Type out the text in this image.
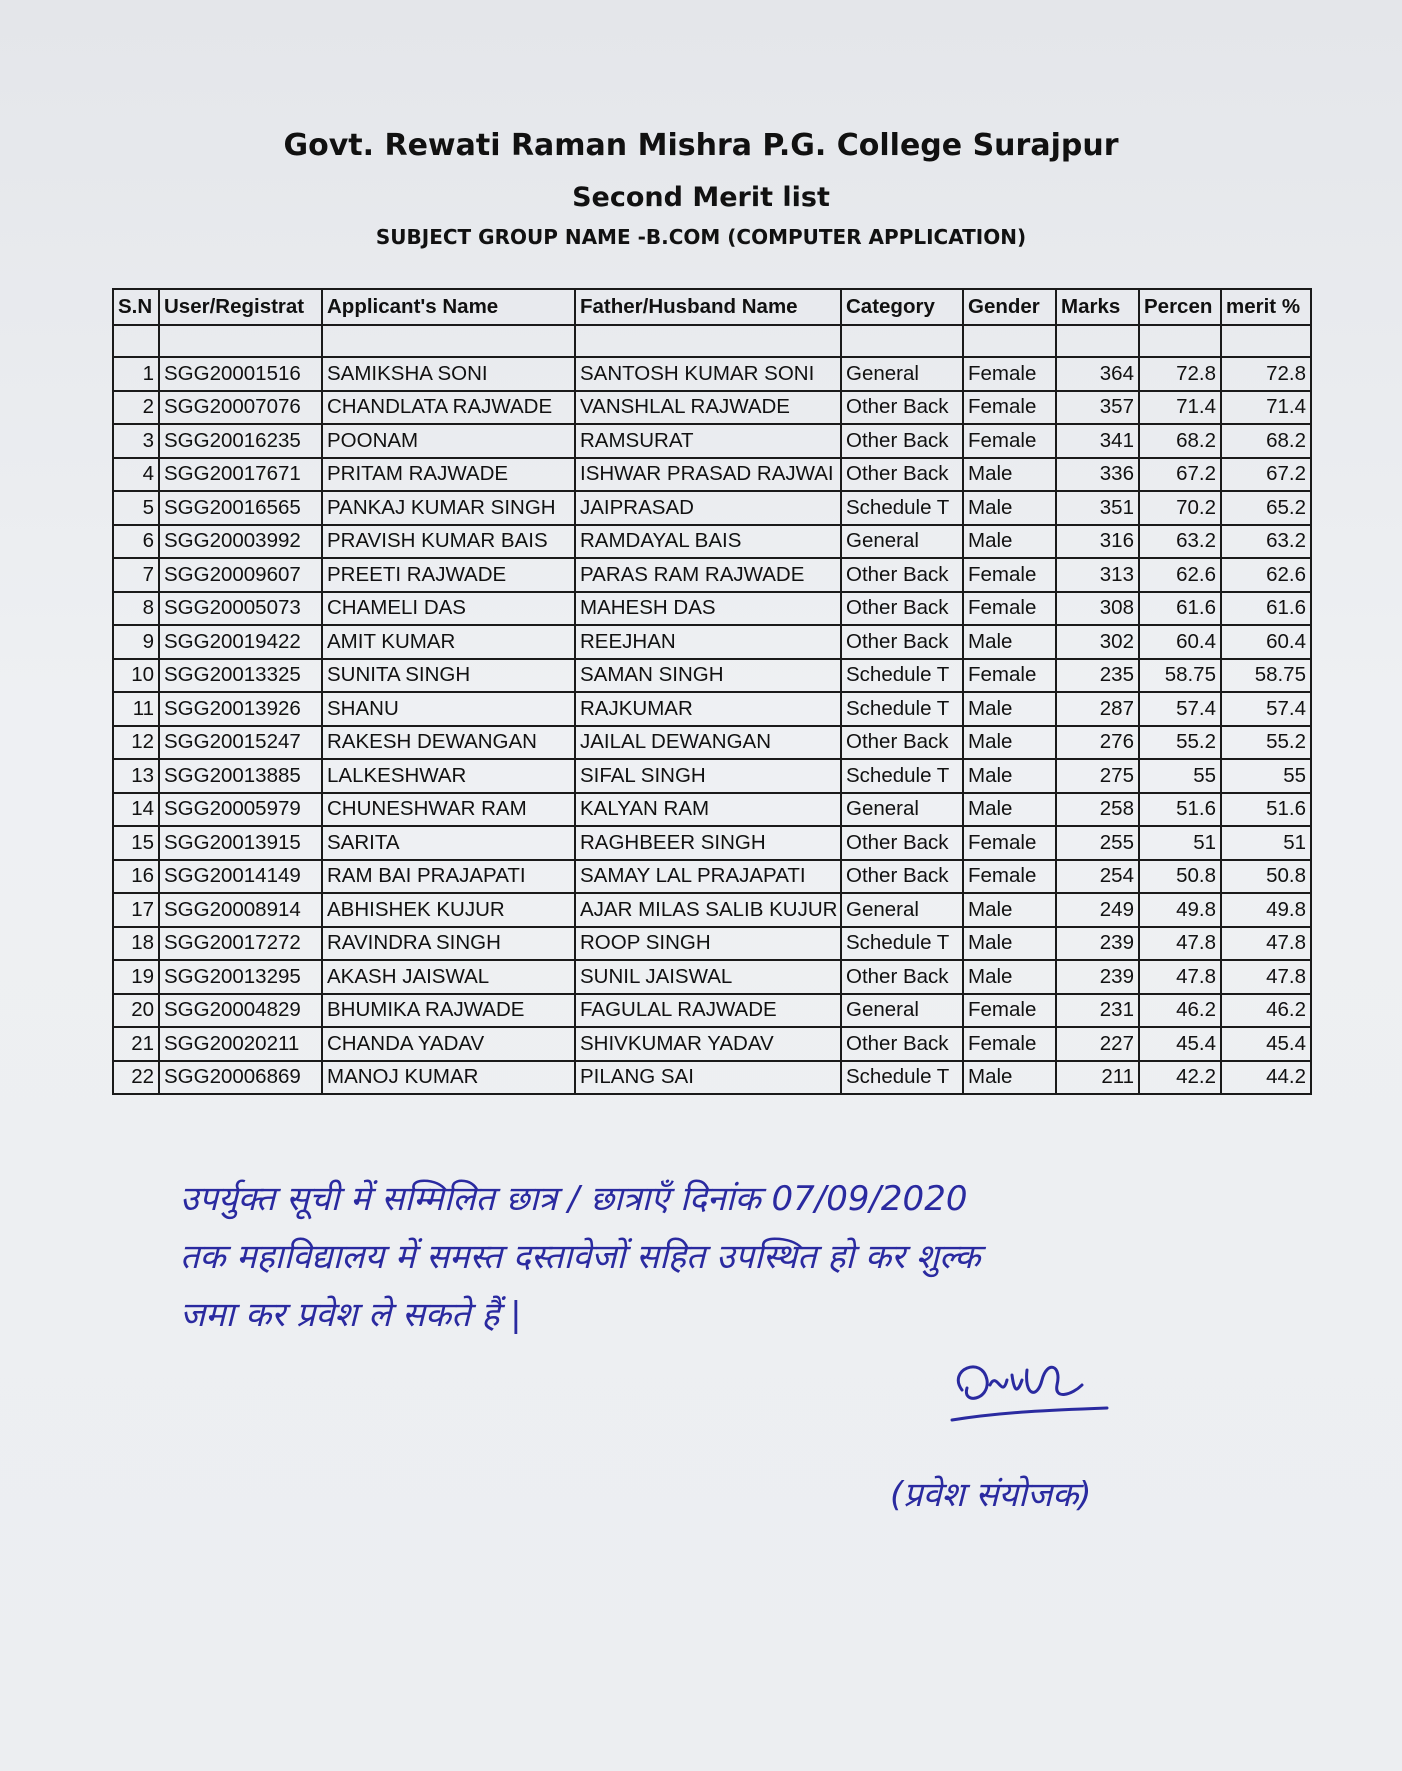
Govt. Rewati Raman Mishra P.G. College Surajpur
Second Merit list
SUBJECT GROUP NAME -B.COM (COMPUTER APPLICATION)
S.N	User/Registrat	Applicant's Name	Father/Husband Name	Category	Gender	Marks	Percen	merit %

1	SGG20001516	SAMIKSHA SONI	SANTOSH KUMAR SONI	General	Female	364	72.8	72.8
2	SGG20007076	CHANDLATA RAJWADE	VANSHLAL RAJWADE	Other Back	Female	357	71.4	71.4
3	SGG20016235	POONAM	RAMSURAT	Other Back	Female	341	68.2	68.2
4	SGG20017671	PRITAM RAJWADE	ISHWAR PRASAD RAJWAI	Other Back	Male	336	67.2	67.2
5	SGG20016565	PANKAJ KUMAR SINGH	JAIPRASAD	Schedule T	Male	351	70.2	65.2
6	SGG20003992	PRAVISH KUMAR BAIS	RAMDAYAL BAIS	General	Male	316	63.2	63.2
7	SGG20009607	PREETI RAJWADE	PARAS RAM RAJWADE	Other Back	Female	313	62.6	62.6
8	SGG20005073	CHAMELI DAS	MAHESH DAS	Other Back	Female	308	61.6	61.6
9	SGG20019422	AMIT KUMAR	REEJHAN	Other Back	Male	302	60.4	60.4
10	SGG20013325	SUNITA SINGH	SAMAN SINGH	Schedule T	Female	235	58.75	58.75
11	SGG20013926	SHANU	RAJKUMAR	Schedule T	Male	287	57.4	57.4
12	SGG20015247	RAKESH DEWANGAN	JAILAL DEWANGAN	Other Back	Male	276	55.2	55.2
13	SGG20013885	LALKESHWAR	SIFAL SINGH	Schedule T	Male	275	55	55
14	SGG20005979	CHUNESHWAR RAM	KALYAN RAM	General	Male	258	51.6	51.6
15	SGG20013915	SARITA	RAGHBEER SINGH	Other Back	Female	255	51	51
16	SGG20014149	RAM BAI PRAJAPATI	SAMAY LAL PRAJAPATI	Other Back	Female	254	50.8	50.8
17	SGG20008914	ABHISHEK KUJUR	AJAR MILAS SALIB KUJUR	General	Male	249	49.8	49.8
18	SGG20017272	RAVINDRA SINGH	ROOP SINGH	Schedule T	Male	239	47.8	47.8
19	SGG20013295	AKASH JAISWAL	SUNIL JAISWAL	Other Back	Male	239	47.8	47.8
20	SGG20004829	BHUMIKA RAJWADE	FAGULAL RAJWADE	General	Female	231	46.2	46.2
21	SGG20020211	CHANDA YADAV	SHIVKUMAR YADAV	Other Back	Female	227	45.4	45.4
22	SGG20006869	MANOJ KUMAR	PILANG SAI	Schedule T	Male	211	42.2	44.2
उपर्युक्त सूची में सम्मिलित छात्र / छात्राएँ दिनांक 07/09/2020
तक महाविद्यालय में समस्त दस्तावेजों सहित उपस्थित हो कर शुल्क
जमा कर प्रवेश ले सकते हैं |
(प्रवेश संयोजक)
